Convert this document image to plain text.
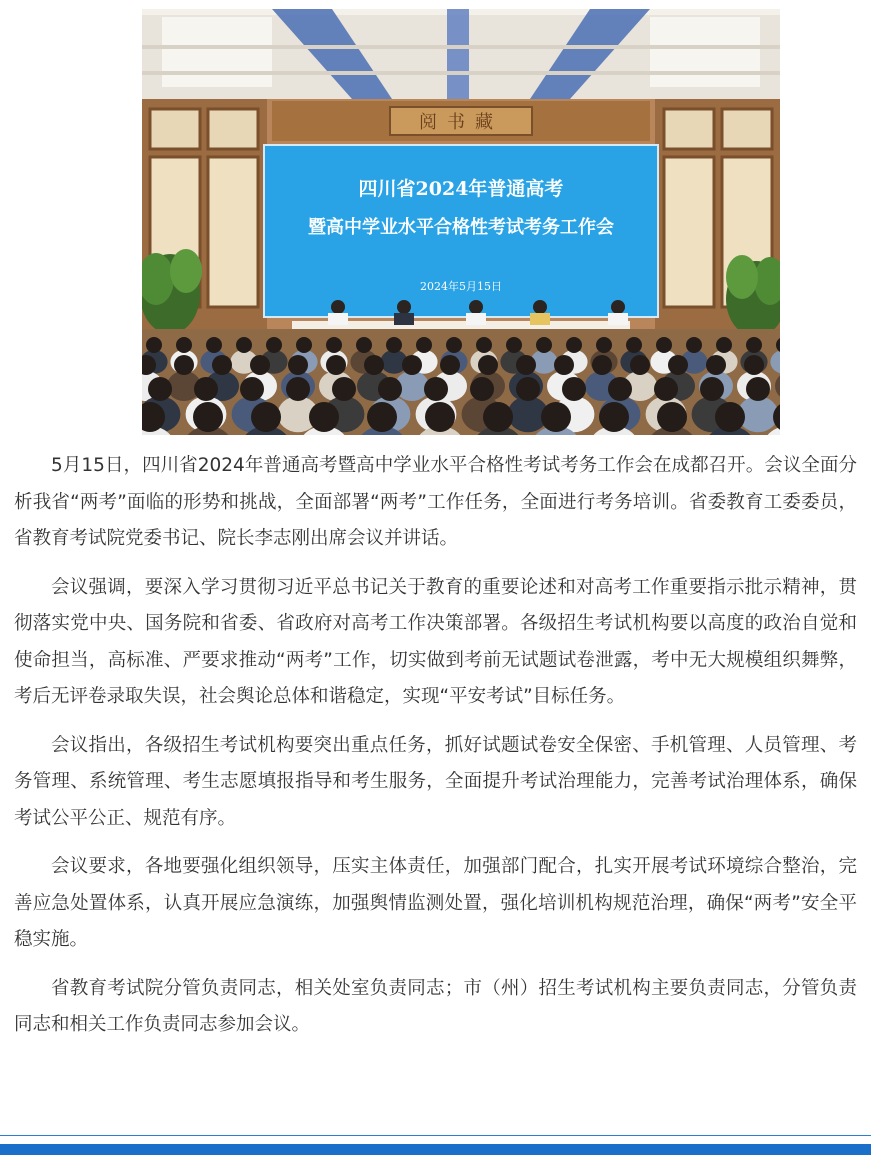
阅书藏
四川省2024年普通高考
暨高中学业水平合格性考试考务工作会
2024年5月15日

5月15日，四川省2024年普通高考暨高中学业水平合格性考试考务工作会在成都召开。会议全面分析我省“两考”面临的形势和挑战，全面部署“两考”工作任务，全面进行考务培训。省委教育工委委员，省教育考试院党委书记、院长李志刚出席会议并讲话。

会议强调，要深入学习贯彻习近平总书记关于教育的重要论述和对高考工作重要指示批示精神，贯彻落实党中央、国务院和省委、省政府对高考工作决策部署。各级招生考试机构要以高度的政治自觉和使命担当，高标准、严要求推动“两考”工作，切实做到考前无试题试卷泄露，考中无大规模组织舞弊，考后无评卷录取失误，社会舆论总体和谐稳定，实现“平安考试”目标任务。

会议指出，各级招生考试机构要突出重点任务，抓好试题试卷安全保密、手机管理、人员管理、考务管理、系统管理、考生志愿填报指导和考生服务，全面提升考试治理能力，完善考试治理体系，确保考试公平公正、规范有序。

会议要求，各地要强化组织领导，压实主体责任，加强部门配合，扎实开展考试环境综合整治，完善应急处置体系，认真开展应急演练，加强舆情监测处置，强化培训机构规范治理，确保“两考”安全平稳实施。

省教育考试院分管负责同志，相关处室负责同志；市（州）招生考试机构主要负责同志，分管负责同志和相关工作负责同志参加会议。
